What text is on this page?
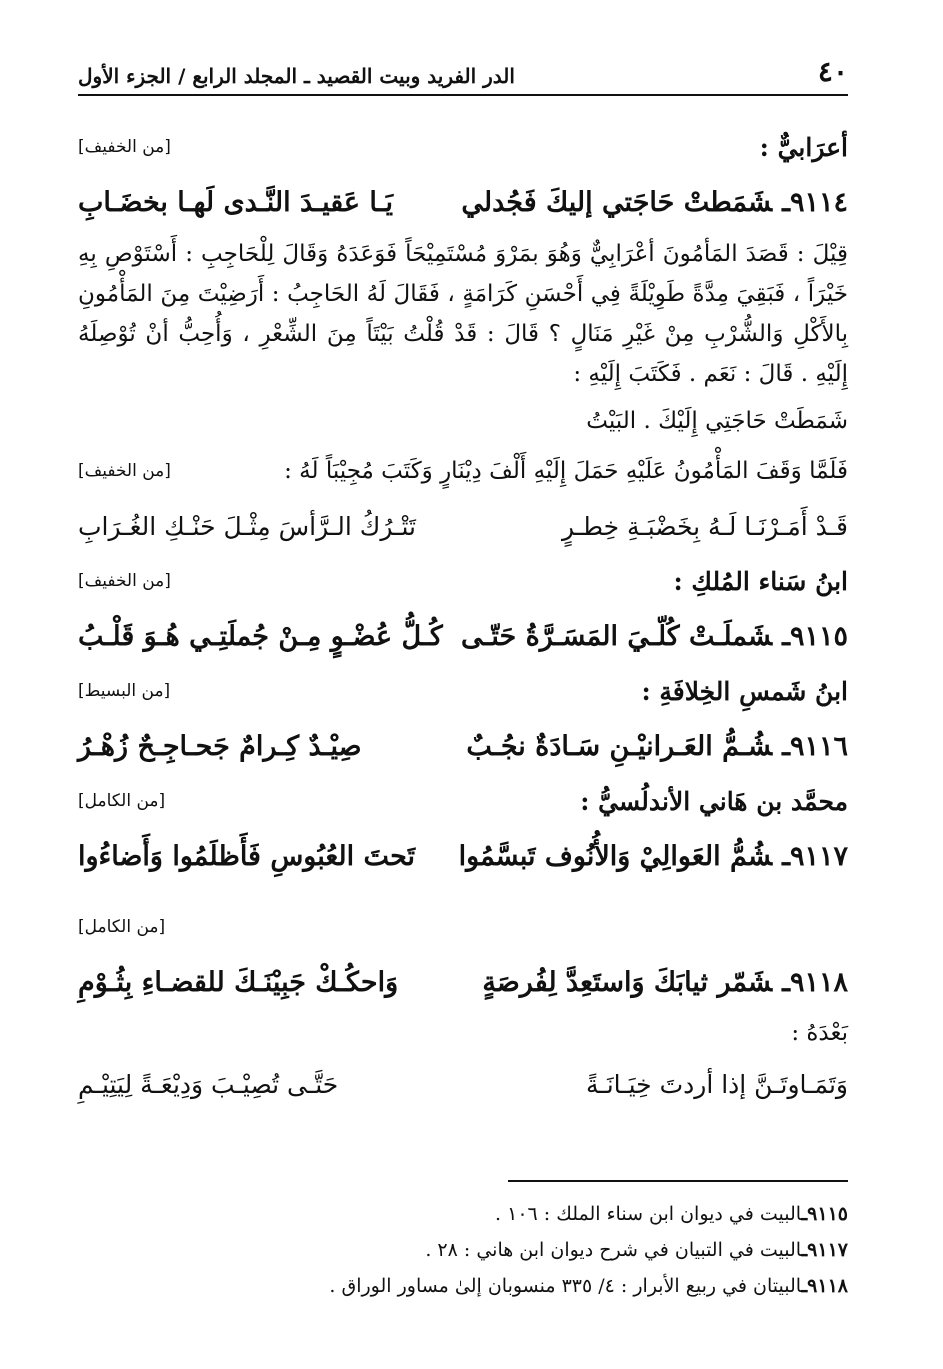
٤٠
الدر الفريد وبيت القصيد ـ المجلد الرابع / الجزء الأول
أعرَابيٌّ :
[من الخفيف]
٩١١٤ـشَمَطتْ حَاجَتي إليكَ فَجُدلي
يَـا عَقيـدَ النَّـدى لَهـا بخضَـابِ
قِيْلَ : قَصَدَ المَأمُونَ أعْرَابِيٌّ وَهُوَ بمَرْوَ مُسْتَمِيْحَاً فَوَعَدَهُ وَقَالَ لِلْحَاجِبِ : أَسْتَوْصِ بِهِ خَيْرَاً ، فَبَقِيَ مِدَّةً طَوِيْلَةً فِي أَحْسَنِ كَرَامَةٍ ، فَقَالَ لَهُ الحَاجِبُ : أَرَضِيْتَ مِنَ المَأْمُونِ بِالأَكْلِ وَالشُّرْبِ مِنْ غَيْرِ مَنَالٍ ؟ قَالَ : قَدْ قُلْتُ بَيْتَاً مِنَ الشِّعْرِ ، وَأُحِبُّ أنْ تُوْصِلَهُ إِلَيْهِ . قَالَ : نَعَم . فَكَتَبَ إِلَيْهِ :
شَمَطَتْ حَاجَتِي إِلَيْكَ . البَيْتُ
فَلَمَّا وَقَفَ المَأْمُونُ عَلَيْهِ حَمَلَ إِلَيْهِ أَلْفَ دِيْنَارٍ وَكَتَبَ مُجِيْبَاً لَهُ :
[من الخفيف]
قَـدْ أَمَـرْنَـا لَـهُ بِخَضْبَـةِ خِطـرٍ
تَتْـرُكُ الـرَّأسَ مِثْـلَ حَنْـكِ الغُـرَابِ
ابنُ سَناء المُلكِ :
[من الخفيف]
٩١١٥ـشَملَـتْ كُلّـيَ المَسَـرَّةُ حَتّـى
كُـلُّ عُضْـوٍ مِـنْ جُملَتِـي هُـوَ قَلْـبُ
ابنُ شَمسِ الخِلافَةِ :
[من البسيط]
٩١١٦ـشُـمُّ العَـرانيْـنِ سَـادَةٌ نجُـبٌ
صِيْـدٌ كِـرامٌ جَحـاجِـحٌ زُهْـرُ
محمَّد بن هَاني الأندلُسيُّ :
[من الكامل]
٩١١٧ـشُمُّ العَوالِيْ وَالأُنُوف تَبسَّمُوا
تَحتَ العُبُوسِ فَأَظلَمُوا وَأَضاءُوا
[من الكامل]
٩١١٨ـشَمّر ثيابَكَ وَاستَعِدَّ لِفُرصَةٍ
وَاحكُـكْ جَبِيْنَـكَ للقضـاءِ بِثُـوْمِ
بَعْدَهُ :
وَتَمَـاوتَـنَّ إذا أردتَ خِيَـانَـةً
حَتَّـى تُصِيْـبَ وَدِيْعَـةً لِيَتِيْـمِ
٩١١٥ـالبيت في ديوان ابن سناء الملك : ١٠٦ .
٩١١٧ـالبيت في التبيان في شرح ديوان ابن هاني : ٢٨ .
٩١١٨ـالبيتان في ربيع الأبرار : ٤/ ٣٣٥ منسوبان إلىٰ مساور الوراق .
